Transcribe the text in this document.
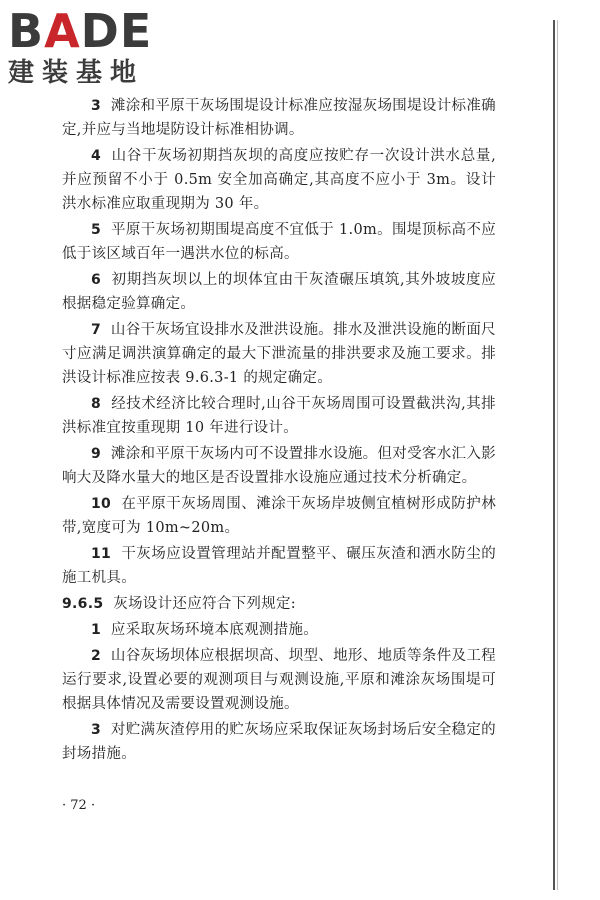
B A DE
建装基地

3 滩涂和平原干灰场围堤设计标准应按湿灰场围堤设计标准确定,并应与当地堤防设计标准相协调。

4 山谷干灰场初期挡灰坝的高度应按贮存一次设计洪水总量,并应预留不小于 0.5m 安全加高确定,其高度不应小于 3m。设计洪水标准应取重现期为 30 年。

5 平原干灰场初期围堤高度不宜低于 1.0m。围堤顶标高不应低于该区域百年一遇洪水位的标高。

6 初期挡灰坝以上的坝体宜由干灰渣碾压填筑,其外坡坡度应根据稳定验算确定。

7 山谷干灰场宜设排水及泄洪设施。排水及泄洪设施的断面尺寸应满足调洪演算确定的最大下泄流量的排洪要求及施工要求。排洪设计标准应按表 9.6.3-1 的规定确定。

8 经技术经济比较合理时,山谷干灰场周围可设置截洪沟,其排洪标准宜按重现期 10 年进行设计。

9 滩涂和平原干灰场内可不设置排水设施。但对受客水汇入影响大及降水量大的地区是否设置排水设施应通过技术分析确定。

10 在平原干灰场周围、滩涂干灰场岸坡侧宜植树形成防护林带,宽度可为 10m~20m。

11 干灰场应设置管理站并配置整平、碾压灰渣和洒水防尘的施工机具。

9.6.5 灰场设计还应符合下列规定:

1 应采取灰场环境本底观测措施。

2 山谷灰场坝体应根据坝高、坝型、地形、地质等条件及工程运行要求,设置必要的观测项目与观测设施,平原和滩涂灰场围堤可根据具体情况及需要设置观测设施。

3 对贮满灰渣停用的贮灰场应采取保证灰场封场后安全稳定的封场措施。

· 72 ·
